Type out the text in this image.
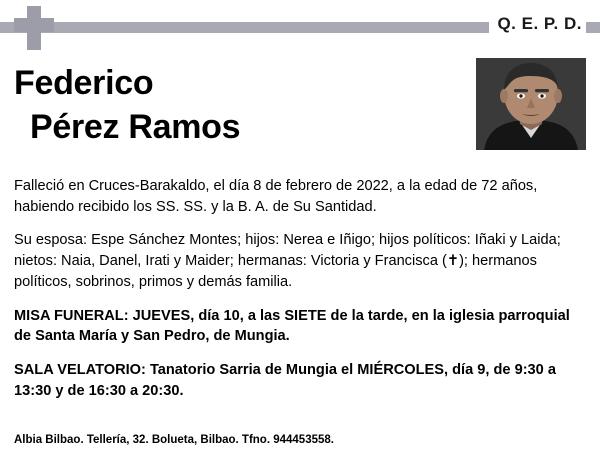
Q. E. P. D.
Federico
Pérez Ramos

Falleció en Cruces-Barakaldo, el día 8 de febrero de 2022, a la edad de 72 años, habiendo recibido los SS. SS. y la B. A. de Su Santidad.

Su esposa: Espe Sánchez Montes; hijos: Nerea e Iñigo; hijos políticos: Iñaki y Laida; nietos: Naia, Danel, Irati y Maider; hermanas: Victoria y Francisca (✝); hermanos políticos, sobrinos, primos y demás familia.

MISA FUNERAL: JUEVES, día 10, a las SIETE de la tarde, en la iglesia parroquial de Santa María y San Pedro, de Mungia.

SALA VELATORIO: Tanatorio Sarria de Mungia el MIÉRCOLES, día 9, de 9:30 a 13:30 y de 16:30 a 20:30.

Albia Bilbao. Tellería, 32. Bolueta, Bilbao. Tfno. 944453558.
